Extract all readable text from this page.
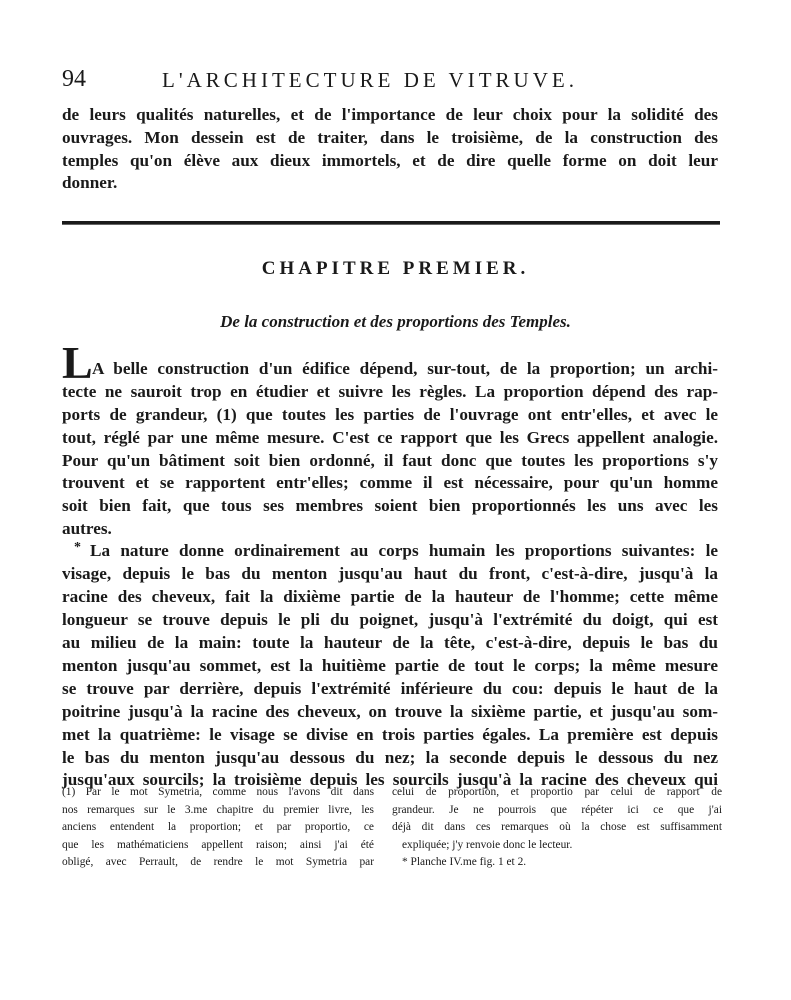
94	L'ARCHITECTURE DE VITRUVE.
de leurs qualités naturelles, et de l'importance de leur choix pour la solidité des
ouvrages. Mon dessein est de traiter, dans le troisième, de la construction des
temples qu'on élève aux dieux immortels, et de dire quelle forme on doit leur
donner.
CHAPITRE PREMIER.
De la construction et des proportions des Temples.
L A belle construction d'un édifice dépend, sur-tout, de la proportion; un archi-
tecte ne sauroit trop en étudier et suivre les règles. La proportion dépend des rap-
ports de grandeur, (1) que toutes les parties de l'ouvrage ont entr'elles, et avec le
tout, réglé par une même mesure. C'est ce rapport que les Grecs appellent analogie.
Pour qu'un bâtiment soit bien ordonné, il faut donc que toutes les proportions s'y
trouvent et se rapportent entr'elles; comme il est nécessaire, pour qu'un homme
soit bien fait, que tous ses membres soient bien proportionnés les uns avec les
autres.
* La nature donne ordinairement au corps humain les proportions suivantes: le
visage, depuis le bas du menton jusqu'au haut du front, c'est-à-dire, jusqu'à la
racine des cheveux, fait la dixième partie de la hauteur de l'homme; cette même
longueur se trouve depuis le pli du poignet, jusqu'à l'extrémité du doigt, qui est
au milieu de la main: toute la hauteur de la tête, c'est-à-dire, depuis le bas du
menton jusqu'au sommet, est la huitième partie de tout le corps; la même mesure
se trouve par derrière, depuis l'extrémité inférieure du cou: depuis le haut de la
poitrine jusqu'à la racine des cheveux, on trouve la sixième partie, et jusqu'au som-
met la quatrième: le visage se divise en trois parties égales. La première est depuis
le bas du menton jusqu'au dessous du nez; la seconde depuis le dessous du nez
jusqu'aux sourcils; la troisième depuis les sourcils jusqu'à la racine des cheveux qui
(1) Par le mot Symetria, comme nous l'avons dit dans
nos remarques sur le 3.me chapitre du premier livre, les
anciens entendent la proportion; et par proportio, ce
que les mathématiciens appellent raison; ainsi j'ai été
obligé, avec Perrault, de rendre le mot Symetria par
celui de proportion, et proportio par celui de rapport de
grandeur. Je ne pourrois que répéter ici ce que j'ai
déjà dit dans ces remarques où la chose est suffisamment
expliquée; j'y renvoie donc le lecteur.
* Planche IV.me fig. 1 et 2.
